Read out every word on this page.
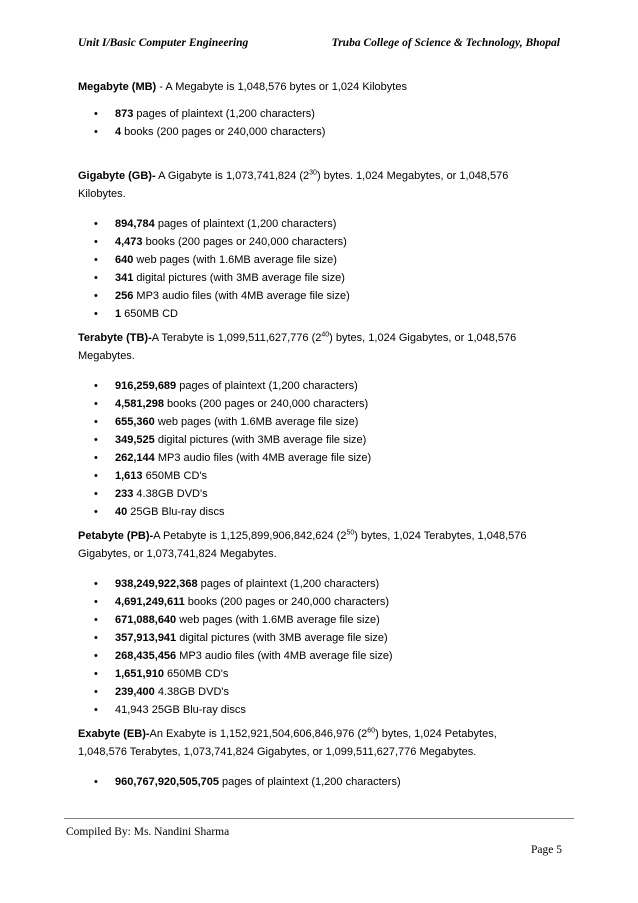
Unit I/Basic Computer Engineering	Truba College of Science & Technology, Bhopal

Megabyte (MB) - A Megabyte is 1,048,576 bytes or 1,024 Kilobytes

• 873 pages of plaintext (1,200 characters)
• 4 books (200 pages or 240,000 characters)

Gigabyte (GB)- A Gigabyte is 1,073,741,824 $(2^{30})$ bytes. 1,024 Megabytes, or 1,048,576

Kilobytes.

• 894,784 pages of plaintext (1,200 characters)
• 4,473 books (200 pages or 240,000 characters)
• 640 web pages (with 1.6MB average file size)
• 341 digital pictures (with 3MB average file size)
• 256 MP3 audio files (with 4MB average file size)
• 1 650MB CD

Terabyte (TB)-A Terabyte is 1,099,511,627,776 $(2^{40})$ bytes, 1,024 Gigabytes, or 1,048,576

Megabytes.

• 916,259,689 pages of plaintext (1,200 characters)
• 4,581,298 books (200 pages or 240,000 characters)
• 655,360 web pages (with 1.6MB average file size)
• 349,525 digital pictures (with 3MB average file size)
• 262,144 MP3 audio files (with 4MB average file size)
• 1,613 650MB CD's
• 233 4.38GB DVD's
• 40 25GB Blu-ray discs

Petabyte (PB)-A Petabyte is 1,125,899,906,842,624 $(2^{50})$ bytes, 1,024 Terabytes, 1,048,576

Gigabytes, or 1,073,741,824 Megabytes.

• 938,249,922,368 pages of plaintext (1,200 characters)
• 4,691,249,611 books (200 pages or 240,000 characters)
• 671,088,640 web pages (with 1.6MB average file size)
• 357,913,941 digital pictures (with 3MB average file size)
• 268,435,456 MP3 audio files (with 4MB average file size)
• 1,651,910 650MB CD's
• 239,400 4.38GB DVD's
• 41,943 25GB Blu-ray discs

Exabyte (EB)-An Exabyte is 1,152,921,504,606,846,976 $(2^{60})$ bytes, 1,024 Petabytes,

1,048,576 Terabytes, 1,073,741,824 Gigabytes, or 1,099,511,627,776 Megabytes.

• 960,767,920,505,705 pages of plaintext (1,200 characters)
Compiled By: Ms. Nandini Sharma
Page 5
